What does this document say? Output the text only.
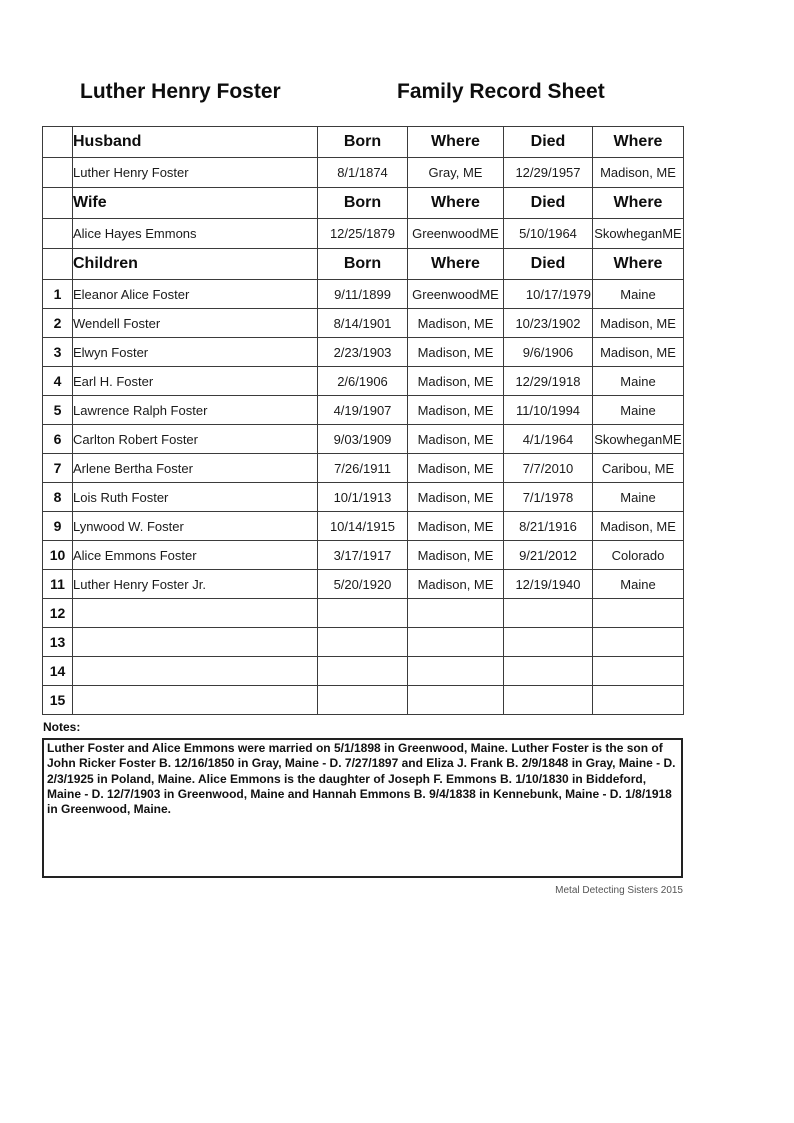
Luther Henry Foster	Family Record Sheet
	Husband	Born	Where	Died	Where
	Luther Henry Foster	8/1/1874	Gray, ME	12/29/1957	Madison, ME
	Wife	Born	Where	Died	Where
	Alice Hayes Emmons	12/25/1879	GreenwoodME	5/10/1964	SkowheganME
	Children	Born	Where	Died	Where
1	Eleanor Alice Foster	9/11/1899	GreenwoodME	10/17/1979	Maine
2	Wendell Foster	8/14/1901	Madison, ME	10/23/1902	Madison, ME
3	Elwyn Foster	2/23/1903	Madison, ME	9/6/1906	Madison, ME
4	Earl H. Foster	2/6/1906	Madison, ME	12/29/1918	Maine
5	Lawrence Ralph Foster	4/19/1907	Madison, ME	11/10/1994	Maine
6	Carlton Robert Foster	9/03/1909	Madison, ME	4/1/1964	SkowheganME
7	Arlene Bertha Foster	7/26/1911	Madison, ME	7/7/2010	Caribou, ME
8	Lois Ruth Foster	10/1/1913	Madison, ME	7/1/1978	Maine
9	Lynwood W. Foster	10/14/1915	Madison, ME	8/21/1916	Madison, ME
10	Alice Emmons Foster	3/17/1917	Madison, ME	9/21/2012	Colorado
11	Luther Henry Foster Jr.	5/20/1920	Madison, ME	12/19/1940	Maine
12					
13					
14					
15					
Notes:
Luther Foster and Alice Emmons were married on 5/1/1898 in Greenwood, Maine. Luther Foster is the son of John Ricker Foster B. 12/16/1850 in Gray, Maine - D. 7/27/1897 and Eliza J. Frank B. 2/9/1848 in Gray, Maine - D. 2/3/1925 in Poland, Maine. Alice Emmons is the daughter of Joseph F. Emmons B. 1/10/1830 in Biddeford, Maine - D. 12/7/1903 in Greenwood, Maine and Hannah Emmons B. 9/4/1838 in Kennebunk, Maine - D. 1/8/1918 in Greenwood, Maine.
Metal Detecting Sisters 2015
